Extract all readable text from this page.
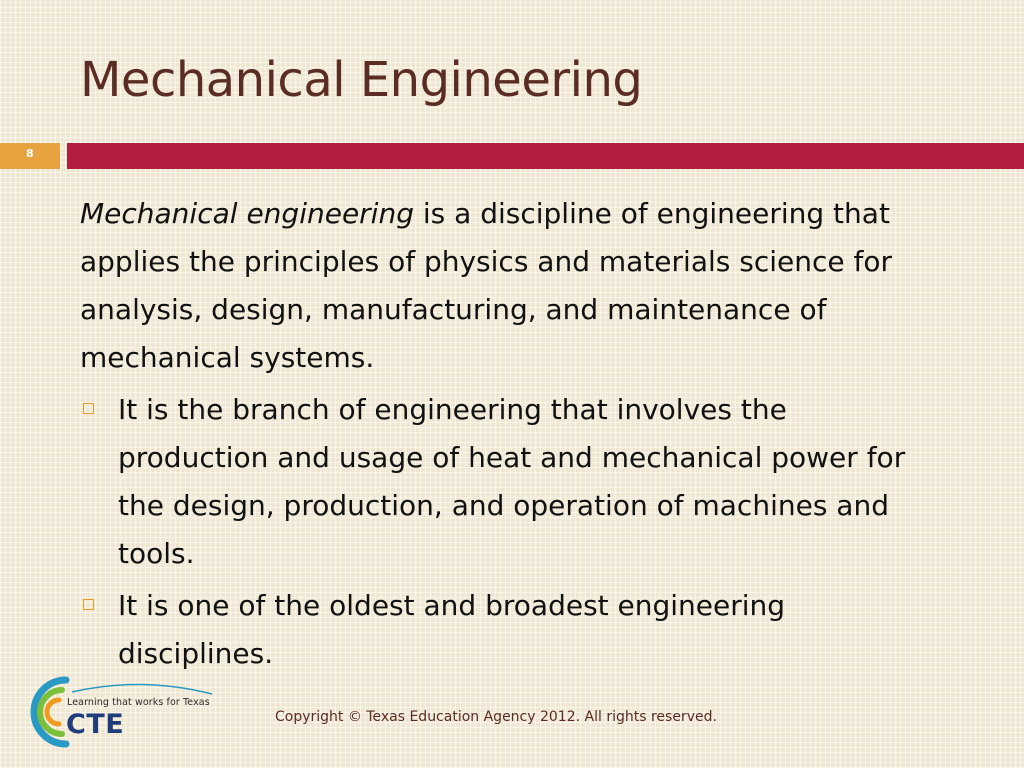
Mechanical Engineering
8

Mechanical engineering is a discipline of engineering that applies the principles of physics and materials science for analysis, design, manufacturing, and maintenance of mechanical systems.

It is the branch of engineering that involves the production and usage of heat and mechanical power for the design, production, and operation of machines and tools.
It is one of the oldest and broadest engineering disciplines.
Learning that works for Texas
CTE	Copyright © Texas Education Agency 2012. All rights reserved.
